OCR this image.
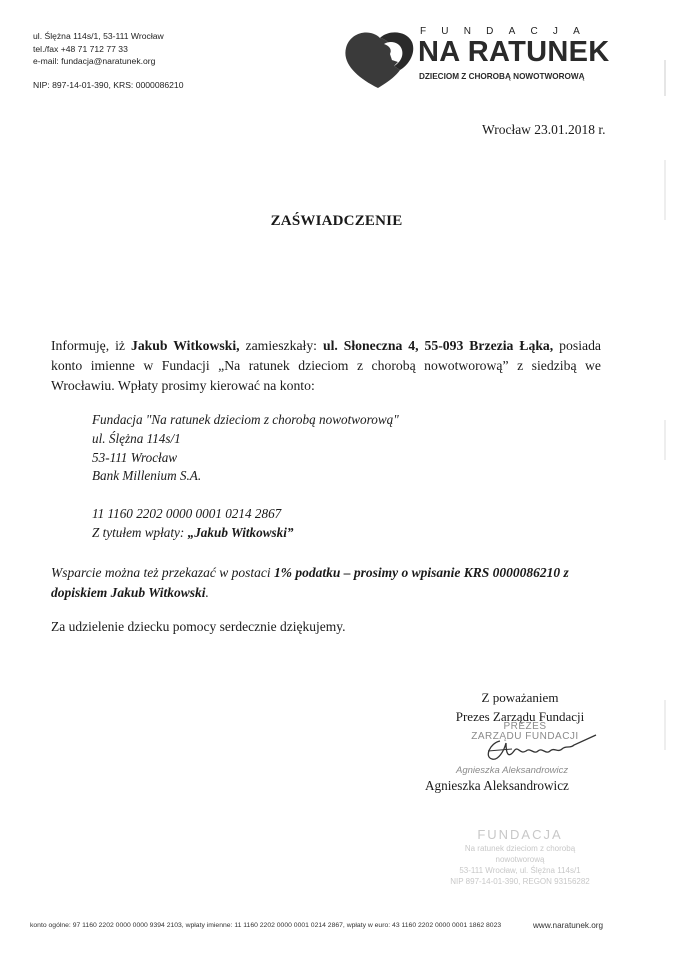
ul. Ślężna 114s/1, 53-111 Wrocław
tel./fax +48 71 712 77 33
e-mail: fundacja@naratunek.org
NIP: 897-14-01-390, KRS: 0000086210
FUNDACJA
NA RATUNEK
DZIECIOM Z CHOROBĄ NOWOTWOROWĄ
Wrocław 23.01.2018 r.
ZAŚWIADCZENIE
Informuję, iż Jakub Witkowski, zamieszkały: ul. Słoneczna 4, 55-093 Brzezia Łąka, posiada konto imienne w Fundacji „Na ratunek dzieciom z chorobą nowotworową” z siedzibą we Wrocławiu. Wpłaty prosimy kierować na konto:
Fundacja "Na ratunek dzieciom z chorobą nowotworową"
ul. Ślężna 114s/1
53-111 Wrocław
Bank Millenium S.A.
11 1160 2202 0000 0001 0214 2867
Z tytułem wpłaty: „Jakub Witkowski”
Wsparcie można też przekazać w postaci 1% podatku – prosimy o wpisanie KRS 0000086210 z dopiskiem Jakub Witkowski.
Za udzielenie dziecku pomocy serdecznie dziękujemy.
Z poważaniem
Prezes Zarządu Fundacji
PREZES
ZARZĄDU FUNDACJI
Agnieszka Aleksandrowicz
Agnieszka Aleksandrowicz
FUNDACJA
Na ratunek dzieciom z chorobą
nowotworową
53-111 Wrocław, ul. Ślężna 114s/1
NIP 897-14-01-390, REGON 93156282
konto ogólne: 97 1160 2202 0000 0000 9394 2103, wpłaty imienne: 11 1160 2202 0000 0001 0214 2867, wpłaty w euro: 43 1160 2202 0000 0001 1862 8023	www.naratunek.org
